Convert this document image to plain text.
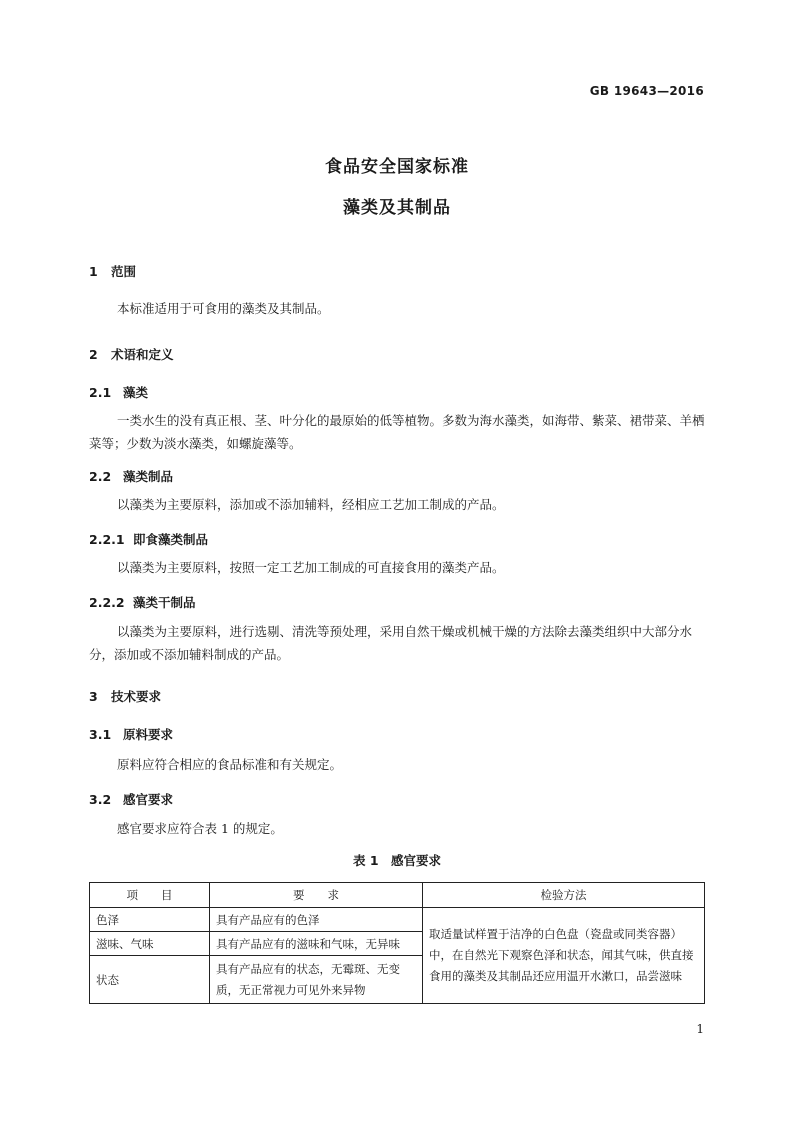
GB 19643—2016
食品安全国家标准
藻类及其制品
1 范围
本标准适用于可食用的藻类及其制品。
2 术语和定义
2.1 藻类
一类水生的没有真正根、茎、叶分化的最原始的低等植物。多数为海水藻类，如海带、紫菜、裙带菜、羊栖菜等；少数为淡水藻类，如螺旋藻等。
2.2 藻类制品
以藻类为主要原料，添加或不添加辅料，经相应工艺加工制成的产品。
2.2.1 即食藻类制品
以藻类为主要原料，按照一定工艺加工制成的可直接食用的藻类产品。
2.2.2 藻类干制品
以藻类为主要原料，进行选剔、清洗等预处理，采用自然干燥或机械干燥的方法除去藻类组织中大部分水分，添加或不添加辅料制成的产品。
3 技术要求
3.1 原料要求
原料应符合相应的食品标准和有关规定。
3.2 感官要求
感官要求应符合表 1 的规定。
表 1　感官要求
项　　目	要　　求	检验方法
色泽	具有产品应有的色泽	取适量试样置于洁净的白色盘（瓷盘或同类容器）中，在自然光下观察色泽和状态，闻其气味，供直接食用的藻类及其制品还应用温开水漱口，品尝滋味
滋味、气味	具有产品应有的滋味和气味，无异味	
状态	具有产品应有的状态，无霉斑、无变质，无正常视力可见外来异物	
1
